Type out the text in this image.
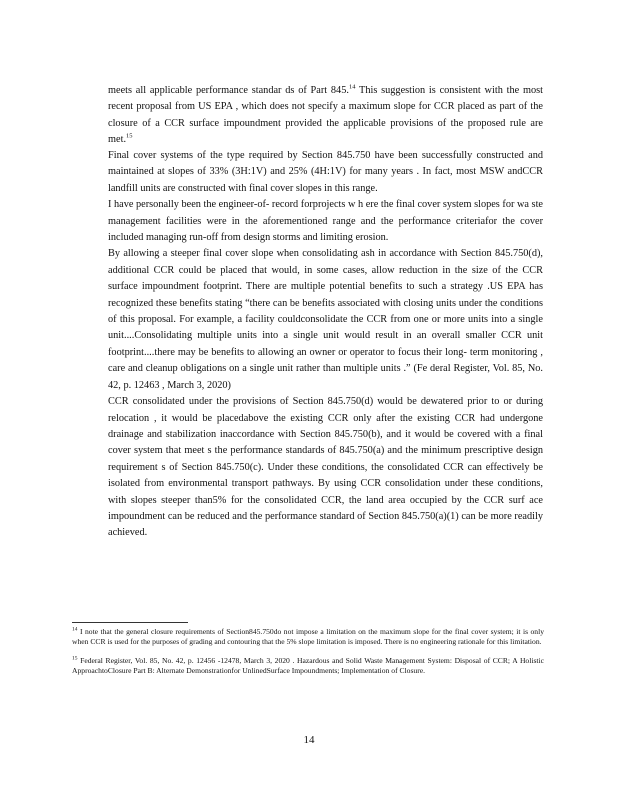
meets all applicable performance standar ds of Part 845.14 This suggestion is consistent with the most recent proposal from US EPA , which does not specify a maximum slope for CCR placed as part of the closure of a CCR surface impoundment provided the applicable provisions of the proposed rule are met.$^{15}$

Final cover systems of the type required by Section 845.750 have been successfully constructed and maintained at slopes of 33% (3H:1V) and 25% (4H:1V) for many years . In fact, most MSW andCCR landfill units are constructed with final cover slopes in this range.
I have personally been the engineer-of- record forprojects w h ere the final cover system slopes for wa ste management facilities were in the aforementioned range and the performance criteriafor the cover included managing run-off from design storms and limiting erosion.
By allowing a steeper final cover slope when consolidating ash in accordance with Section 845.750(d), additional CCR could be placed that would, in some cases, allow reduction in the size of the CCR surface impoundment footprint. There are multiple potential benefits to such a strategy .US EPA has recognized these benefits stating “there can be benefits associated with closing units under the conditions of this proposal. For example, a facility couldconsolidate the CCR from one or more units into a single unit....Consolidating multiple units into a single unit would result in an overall smaller CCR unit footprint....there may be benefits to allowing an owner or operator to focus their long- term monitoring , care and cleanup obligations on a single unit rather than multiple units .” (Fe deral Register, Vol. 85, No. 42, p. 12463 , March 3, 2020)
CCR consolidated under the provisions of Section 845.750(d) would be dewatered prior to or during relocation , it would be placedabove the existing CCR only after the existing CCR had undergone drainage and stabilization inaccordance with Section 845.750(b), and it would be covered with a final cover system that meet s the performance standards of 845.750(a) and the minimum prescriptive design requirement s of Section 845.750(c). Under these conditions, the consolidated CCR can effectively be isolated from environmental transport pathways. By using CCR consolidation under these conditions, with slopes steeper than5% for the consolidated CCR, the land area occupied by the CCR surf ace impoundment can be reduced and the performance standard of Section 845.750(a)(1) can be more readily achieved.

$^{14}$ I note that the general closure requirements of Section845.750do not impose a limitation on the maximum slope for the final cover system; it is only when CCR is used for the purposes of grading and contouring that the 5% slope limitation is imposed. There is no engineering rationale for this limitation.

$^{15}$ Federal Register, Vol. 85, No. 42, p. 12456 -12478, March 3, 2020 . Hazardous and Solid Waste Management System: Disposal of CCR; A Holistic ApproachtoClosure Part B: Alternate Demonstrationfor UnlinedSurface Impoundments; Implementation of Closure.

14
